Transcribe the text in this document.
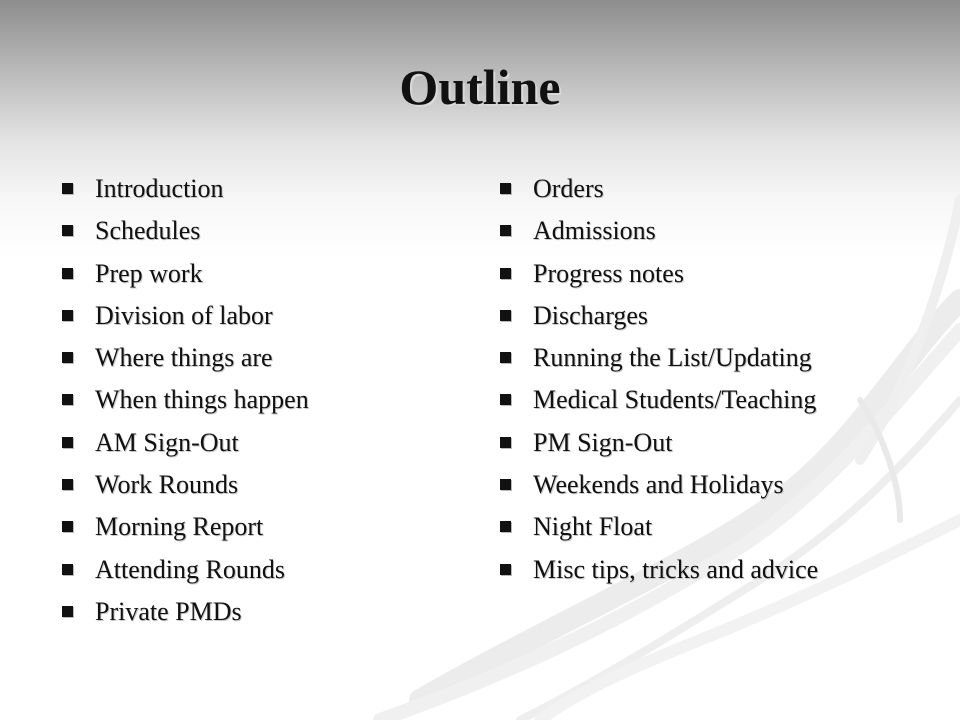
Outline
Introduction
Schedules
Prep work
Division of labor
Where things are
When things happen
AM Sign-Out
Work Rounds
Morning Report
Attending Rounds
Private PMDs
Orders
Admissions
Progress notes
Discharges
Running the List/Updating
Medical Students/Teaching
PM Sign-Out
Weekends and Holidays
Night Float
Misc tips, tricks and advice
